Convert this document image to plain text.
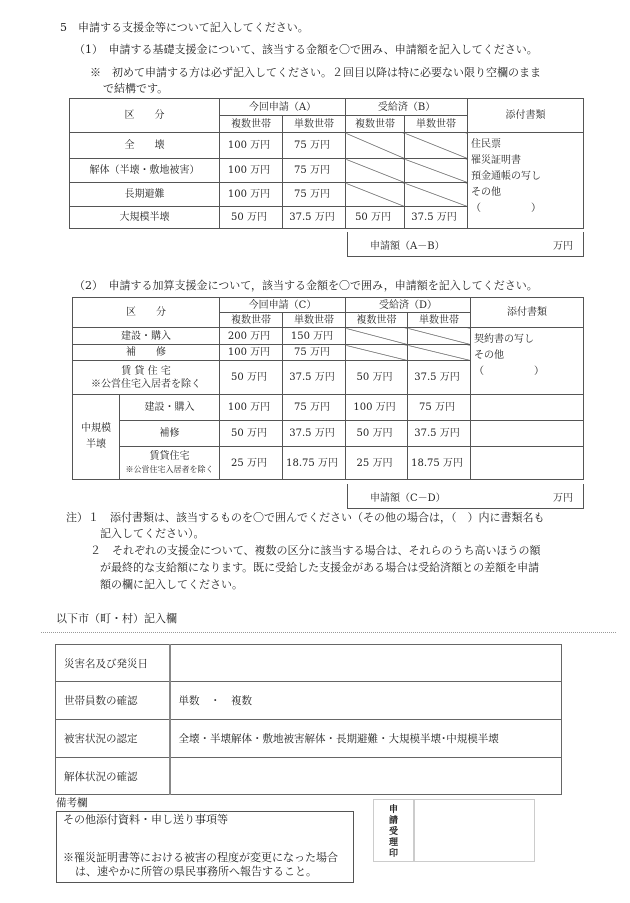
5　申請する支援金等について記入してください。
（1）　申請する基礎支援金について、該当する金額を〇で囲み、申請額を記入してください。
※　初めて申請する方は必ず記入してください。２回目以降は特に必要ない限り空欄のまま
で結構です。
区　　分	今回申請（A）		受給済（B）		添付書類
	複数世帯	単数世帯	複数世帯	単数世帯	
全　　壊	100 万円	75 万円			住民票
罹災証明書
預金通帳の写し
その他
（　　　　　）

解体（半壊・敷地被害）	100 万円	75 万円			
長期避難	100 万円	75 万円			
大規模半壊	50 万円	37.5 万円	50 万円	37.5 万円	
申請額（A－B）	万円
（2）　申請する加算支援金について，該当する金額を〇で囲み，申請額を記入してください。
区　　分		今回申請（C）		受給済（D）		添付書類
		複数世帯	単数世帯	複数世帯	単数世帯	
建設・購入		200 万円	150 万円			契約書の写し
その他
（　　　　　）

補　　修		100 万円	75 万円			

賃 貸 住 宅
※公営住宅入居者を除く		50 万円	37.5 万円	50 万円	37.5 万円	
中規模半壊	建設・購入	100 万円	75 万円	100 万円	75 万円	
	補修	50 万円	37.5 万円	50 万円	37.5 万円	

	賃貸住宅
※公営住宅入居者を除く	25 万円	18.75 万円	25 万円	18.75 万円	
申請額（C－D）	万円
注）１　添付書類は、該当するものを〇で囲んでください（その他の場合は，（　）内に書類名も
記入してください）。
２　それぞれの支援金について、複数の区分に該当する場合は、それらのうち高いほうの額
が最終的な支給額になります。既に受給した支援金がある場合は受給済額との差額を申請
額の欄に記入してください。
以下市（町・村）記入欄
災害名及び発災日	
世帯員数の確認	単数　・　複数
被害状況の認定	全壊・半壊解体・敷地被害解体・長期避難・大規模半壊･中規模半壊
解体状況の確認	
備考欄
その他添付資料・申し送り事項等
※罹災証明書等における被害の程度が変更になった場合
は、速やかに所管の県民事務所へ報告すること。
申請受理印
